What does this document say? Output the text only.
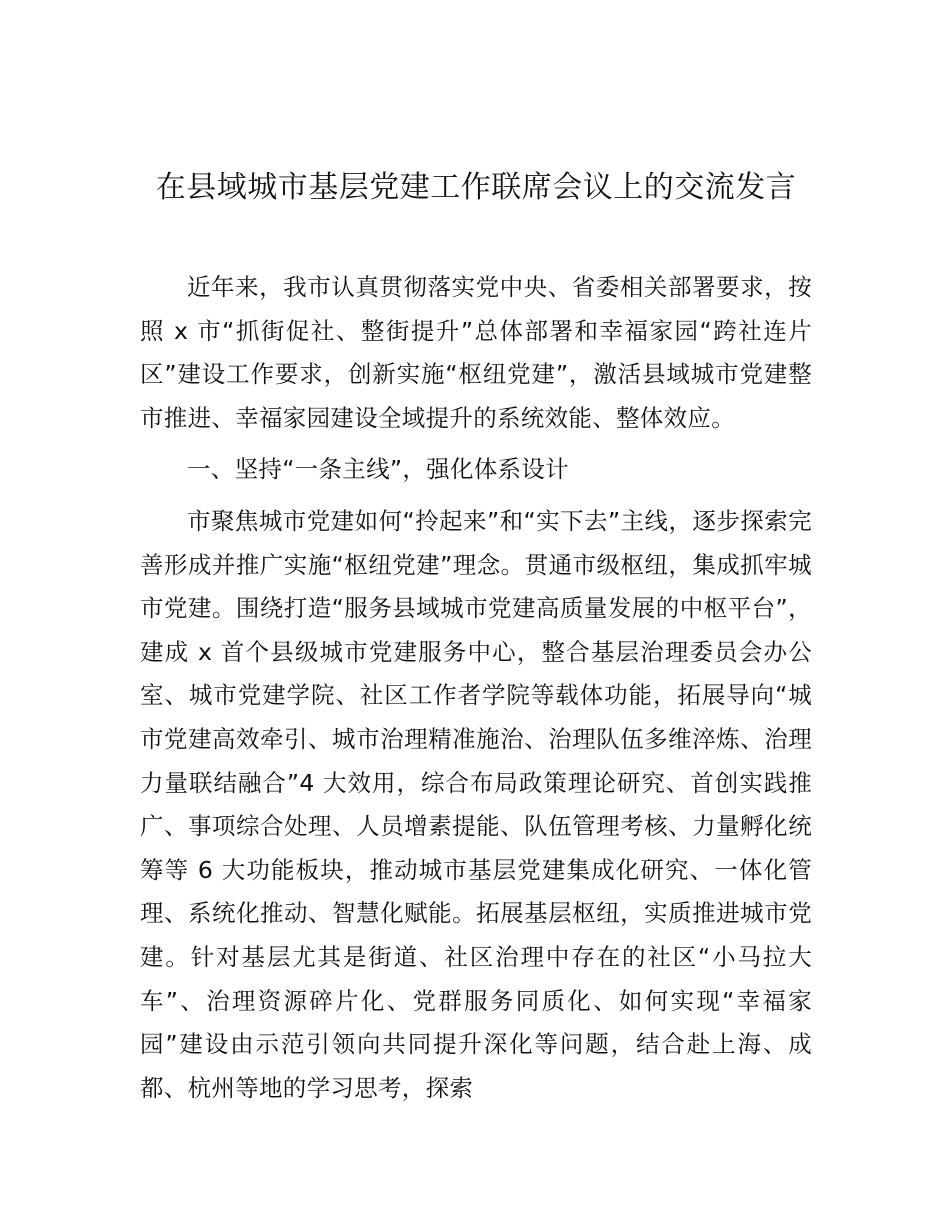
在县域城市基层党建工作联席会议上的交流发言

近年来，我市认真贯彻落实党中央、省委相关部署要求，按照 x 市“抓街促社、整街提升”总体部署和幸福家园“跨社连片区”建设工作要求，创新实施“枢纽党建”，激活县域城市党建整市推进、幸福家园建设全域提升的系统效能、整体效应。

一、坚持“一条主线”，强化体系设计

市聚焦城市党建如何“拎起来”和“实下去”主线，逐步探索完善形成并推广实施“枢纽党建”理念。贯通市级枢纽，集成抓牢城市党建。围绕打造“服务县域城市党建高质量发展的中枢平台”，建成 x 首个县级城市党建服务中心，整合基层治理委员会办公室、城市党建学院、社区工作者学院等载体功能，拓展导向“城市党建高效牵引、城市治理精准施治、治理队伍多维淬炼、治理力量联结融合”4 大效用，综合布局政策理论研究、首创实践推广、事项综合处理、人员增素提能、队伍管理考核、力量孵化统筹等 6 大功能板块，推动城市基层党建集成化研究、一体化管理、系统化推动、智慧化赋能。拓展基层枢纽，实质推进城市党建。针对基层尤其是街道、社区治理中存在的社区“小马拉大车”、治理资源碎片化、党群服务同质化、如何实现“幸福家园”建设由示范引领向共同提升深化等问题，结合赴上海、成都、杭州等地的学习思考，探索
